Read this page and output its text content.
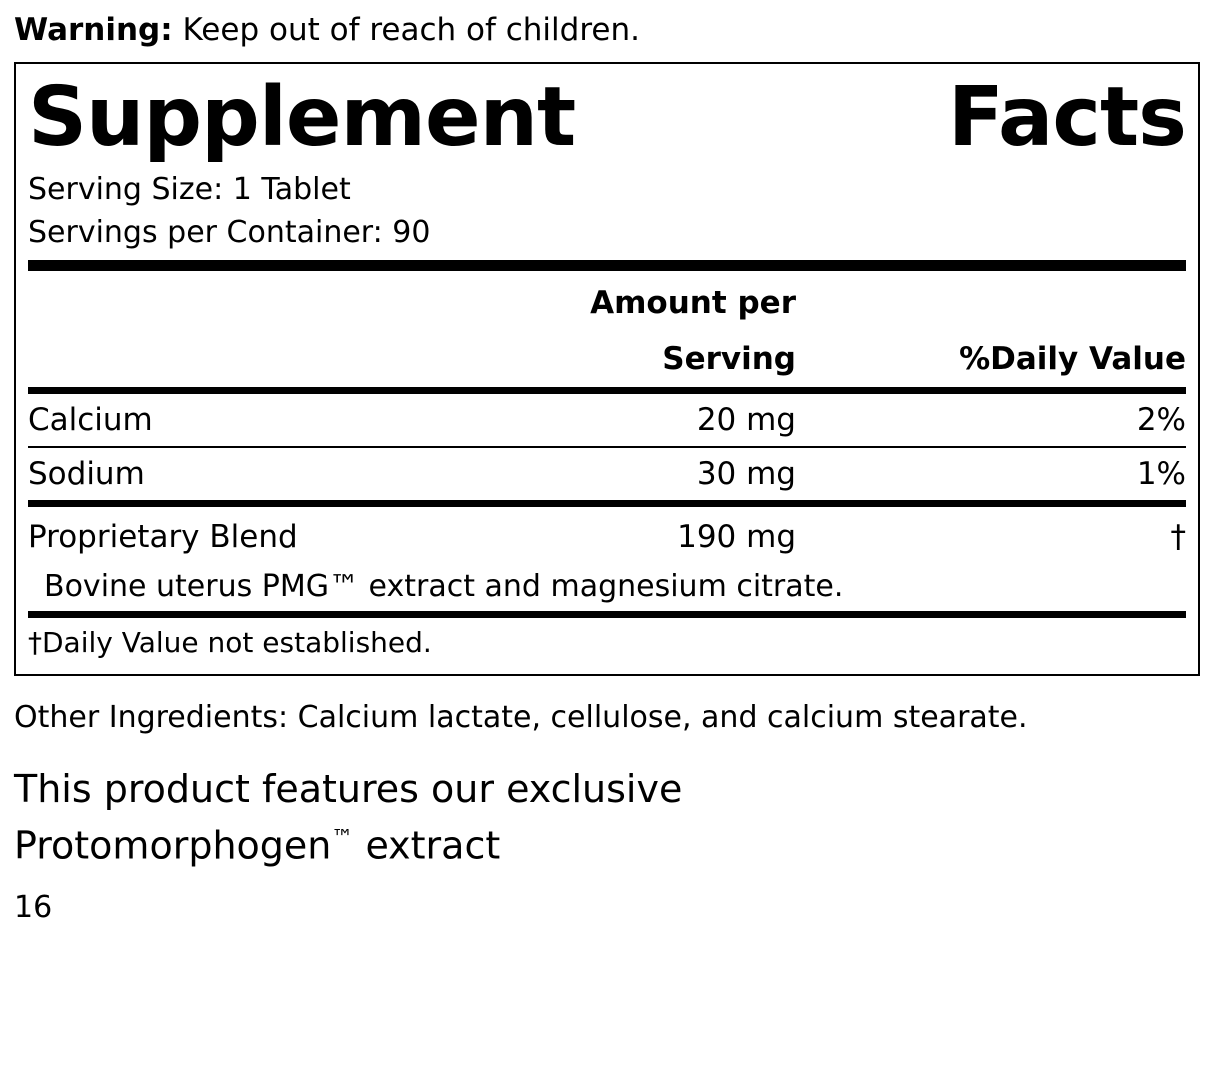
Warning: Keep out of reach of children.
Supplement	Facts
Serving Size: 1 Tablet
Servings per Container: 90
	Amount per Serving	%Daily Value
Calcium	20 mg	2%
Sodium	30 mg	1%
Proprietary Blend	190 mg	†
Bovine uterus PMG™ extract and magnesium citrate.
†Daily Value not established.
Other Ingredients: Calcium lactate, cellulose, and calcium stearate.
This product features our exclusive
Protomorphogen™ extract
16
